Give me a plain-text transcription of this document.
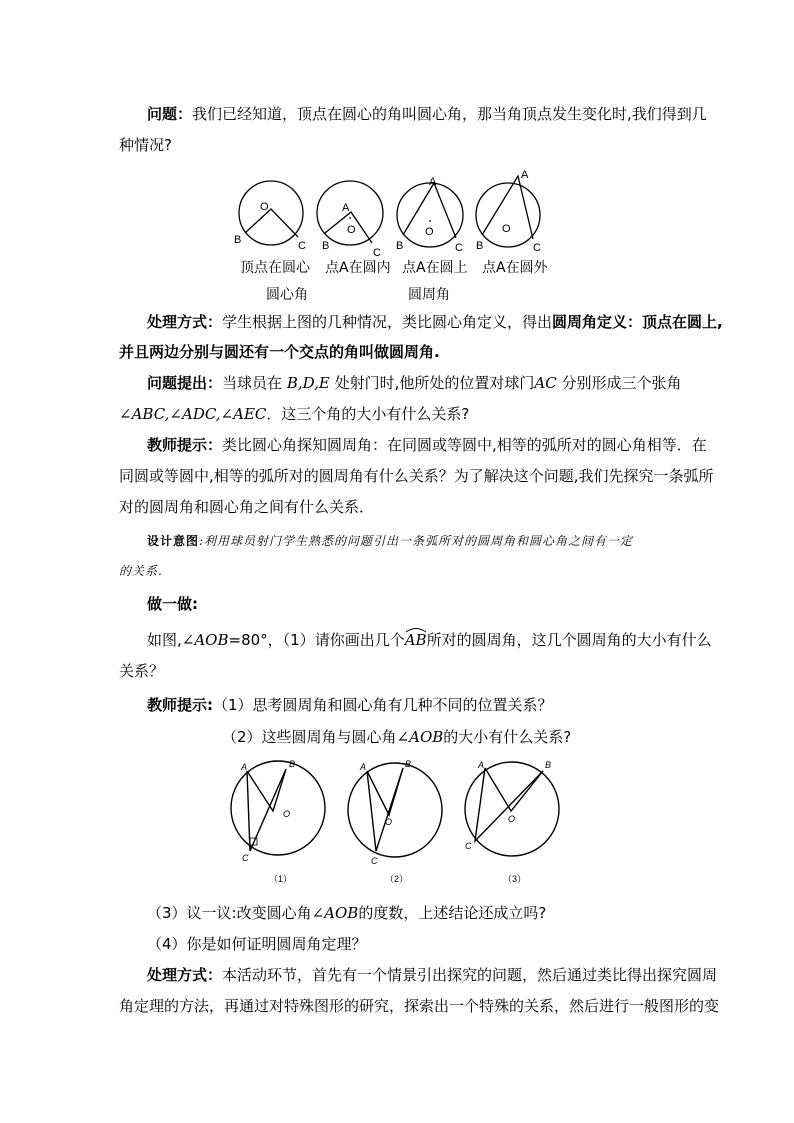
问题：我们已经知道，顶点在圆心的角叫圆心角，那当角顶点发生变化时,我们得到几
种情况?
O
B	C
A
O
B
C
A
O
B	C
A
O
B	C
顶点在圆心 点A在圆内 点A在圆上 点A在圆外
圆心角	圆周角
处理方式：学生根据上图的几种情况，类比圆心角定义，得出圆周角定义：顶点在圆上,
并且两边分别与圆还有一个交点的角叫做圆周角.
问题提出：当球员在 B,D,E 处射门时,他所处的位置对球门AC 分别形成三个张角
∠ABC,∠ADC,∠AEC．这三个角的大小有什么关系?
教师提示：类比圆心角探知圆周角：在同圆或等圆中,相等的弧所对的圆心角相等．在
同圆或等圆中,相等的弧所对的圆周角有什么关系？为了解决这个问题,我们先探究一条弧所
对的圆周角和圆心角之间有什么关系．
设计意图:利用球员射门学生熟悉的问题引出一条弧所对的圆周角和圆心角之间有一定
的关系.
做一做:
如图,∠AOB=80°，（1）请你画出几个AB
所对的圆周角，这几个圆周角的大小有什么
关系？
教师提示:（1）思考圆周角和圆心角有几种不同的位置关系？
（2）这些圆周角与圆心角∠AOB的大小有什么关系?
A	B
O
C
A	B
O
C
A	B
O
C
（1）	（2）	（3）
（3）议一议:改变圆心角∠AOB的度数，上述结论还成立吗?
（4）你是如何证明圆周角定理？
处理方式：本活动环节，首先有一个情景引出探究的问题，然后通过类比得出探究圆周
角定理的方法，再通过对特殊图形的研究，探索出一个特殊的关系，然后进行一般图形的变
